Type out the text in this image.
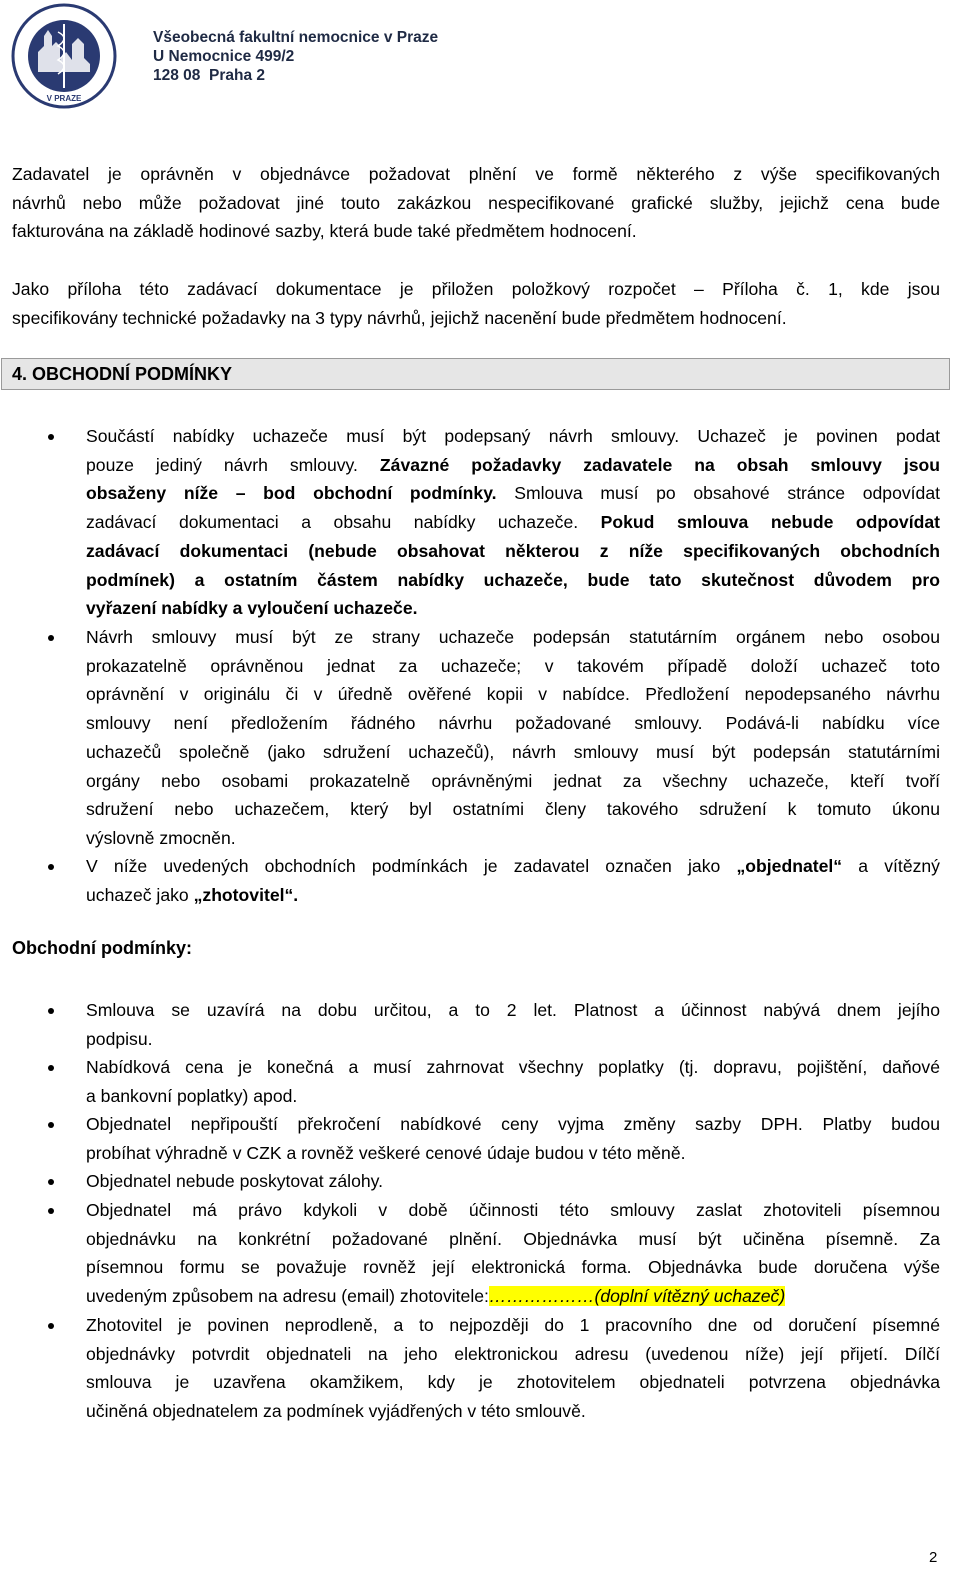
V PRAZE
Všeobecná fakultní nemocnice v Praze
U Nemocnice 499/2
128 08  Praha 2
Zadavatel je oprávněn v objednávce požadovat plnění ve formě některého z výše specifikovaných
návrhů nebo může požadovat jiné touto zakázkou nespecifikované grafické služby, jejichž cena bude
fakturována na základě hodinové sazby, která bude také předmětem hodnocení.
Jako příloha této zadávací dokumentace je přiložen položkový rozpočet – Příloha č. 1, kde jsou
specifikovány technické požadavky na 3 typy návrhů, jejichž nacenění bude předmětem hodnocení.
4. OBCHODNÍ PODMÍNKY
Součástí nabídky uchazeče musí být podepsaný návrh smlouvy. Uchazeč je povinen podat
pouze jediný návrh smlouvy. Závazné požadavky zadavatele na obsah smlouvy jsou
obsaženy níže – bod obchodní podmínky. Smlouva musí po obsahové stránce odpovídat
zadávací dokumentaci a obsahu nabídky uchazeče. Pokud smlouva nebude odpovídat
zadávací dokumentaci (nebude obsahovat některou z níže specifikovaných obchodních
podmínek) a ostatním částem nabídky uchazeče, bude tato skutečnost důvodem pro
vyřazení nabídky a vyloučení uchazeče.
Návrh smlouvy musí být ze strany uchazeče podepsán statutárním orgánem nebo osobou
prokazatelně oprávněnou jednat za uchazeče; v takovém případě doloží uchazeč toto
oprávnění v originálu či v úředně ověřené kopii v nabídce. Předložení nepodepsaného návrhu
smlouvy není předložením řádného návrhu požadované smlouvy. Podává-li nabídku více
uchazečů společně (jako sdružení uchazečů), návrh smlouvy musí být podepsán statutárními
orgány nebo osobami prokazatelně oprávněnými jednat za všechny uchazeče, kteří tvoří
sdružení nebo uchazečem, který byl ostatními členy takového sdružení k tomuto úkonu
výslovně zmocněn.
V níže uvedených obchodních podmínkách je zadavatel označen jako „objednatel“ a vítězný
uchazeč jako „zhotovitel“.
Obchodní podmínky:
Smlouva se uzavírá na dobu určitou, a to 2 let. Platnost a účinnost nabývá dnem jejího
podpisu.
Nabídková cena je konečná a musí zahrnovat všechny poplatky (tj. dopravu, pojištění, daňové
a bankovní poplatky) apod.
Objednatel nepřipouští překročení nabídkové ceny vyjma změny sazby DPH. Platby budou
probíhat výhradně v CZK a rovněž veškeré cenové údaje budou v této měně.
Objednatel nebude poskytovat zálohy.
Objednatel má právo kdykoli v době účinnosti této smlouvy zaslat zhotoviteli písemnou
objednávku na konkrétní požadované plnění. Objednávka musí být učiněna písemně. Za
písemnou formu se považuje rovněž její elektronická forma. Objednávka bude doručena výše
uvedeným způsobem na adresu (email) zhotovitele:………………(doplní vítězný uchazeč)
Zhotovitel je povinen neprodleně, a to nejpozději do 1 pracovního dne od doručení písemné
objednávky potvrdit objednateli na jeho elektronickou adresu (uvedenou níže) její přijetí. Dílčí
smlouva je uzavřena okamžikem, kdy je zhotovitelem objednateli potvrzena objednávka
učiněná objednatelem za podmínek vyjádřených v této smlouvě.
2
